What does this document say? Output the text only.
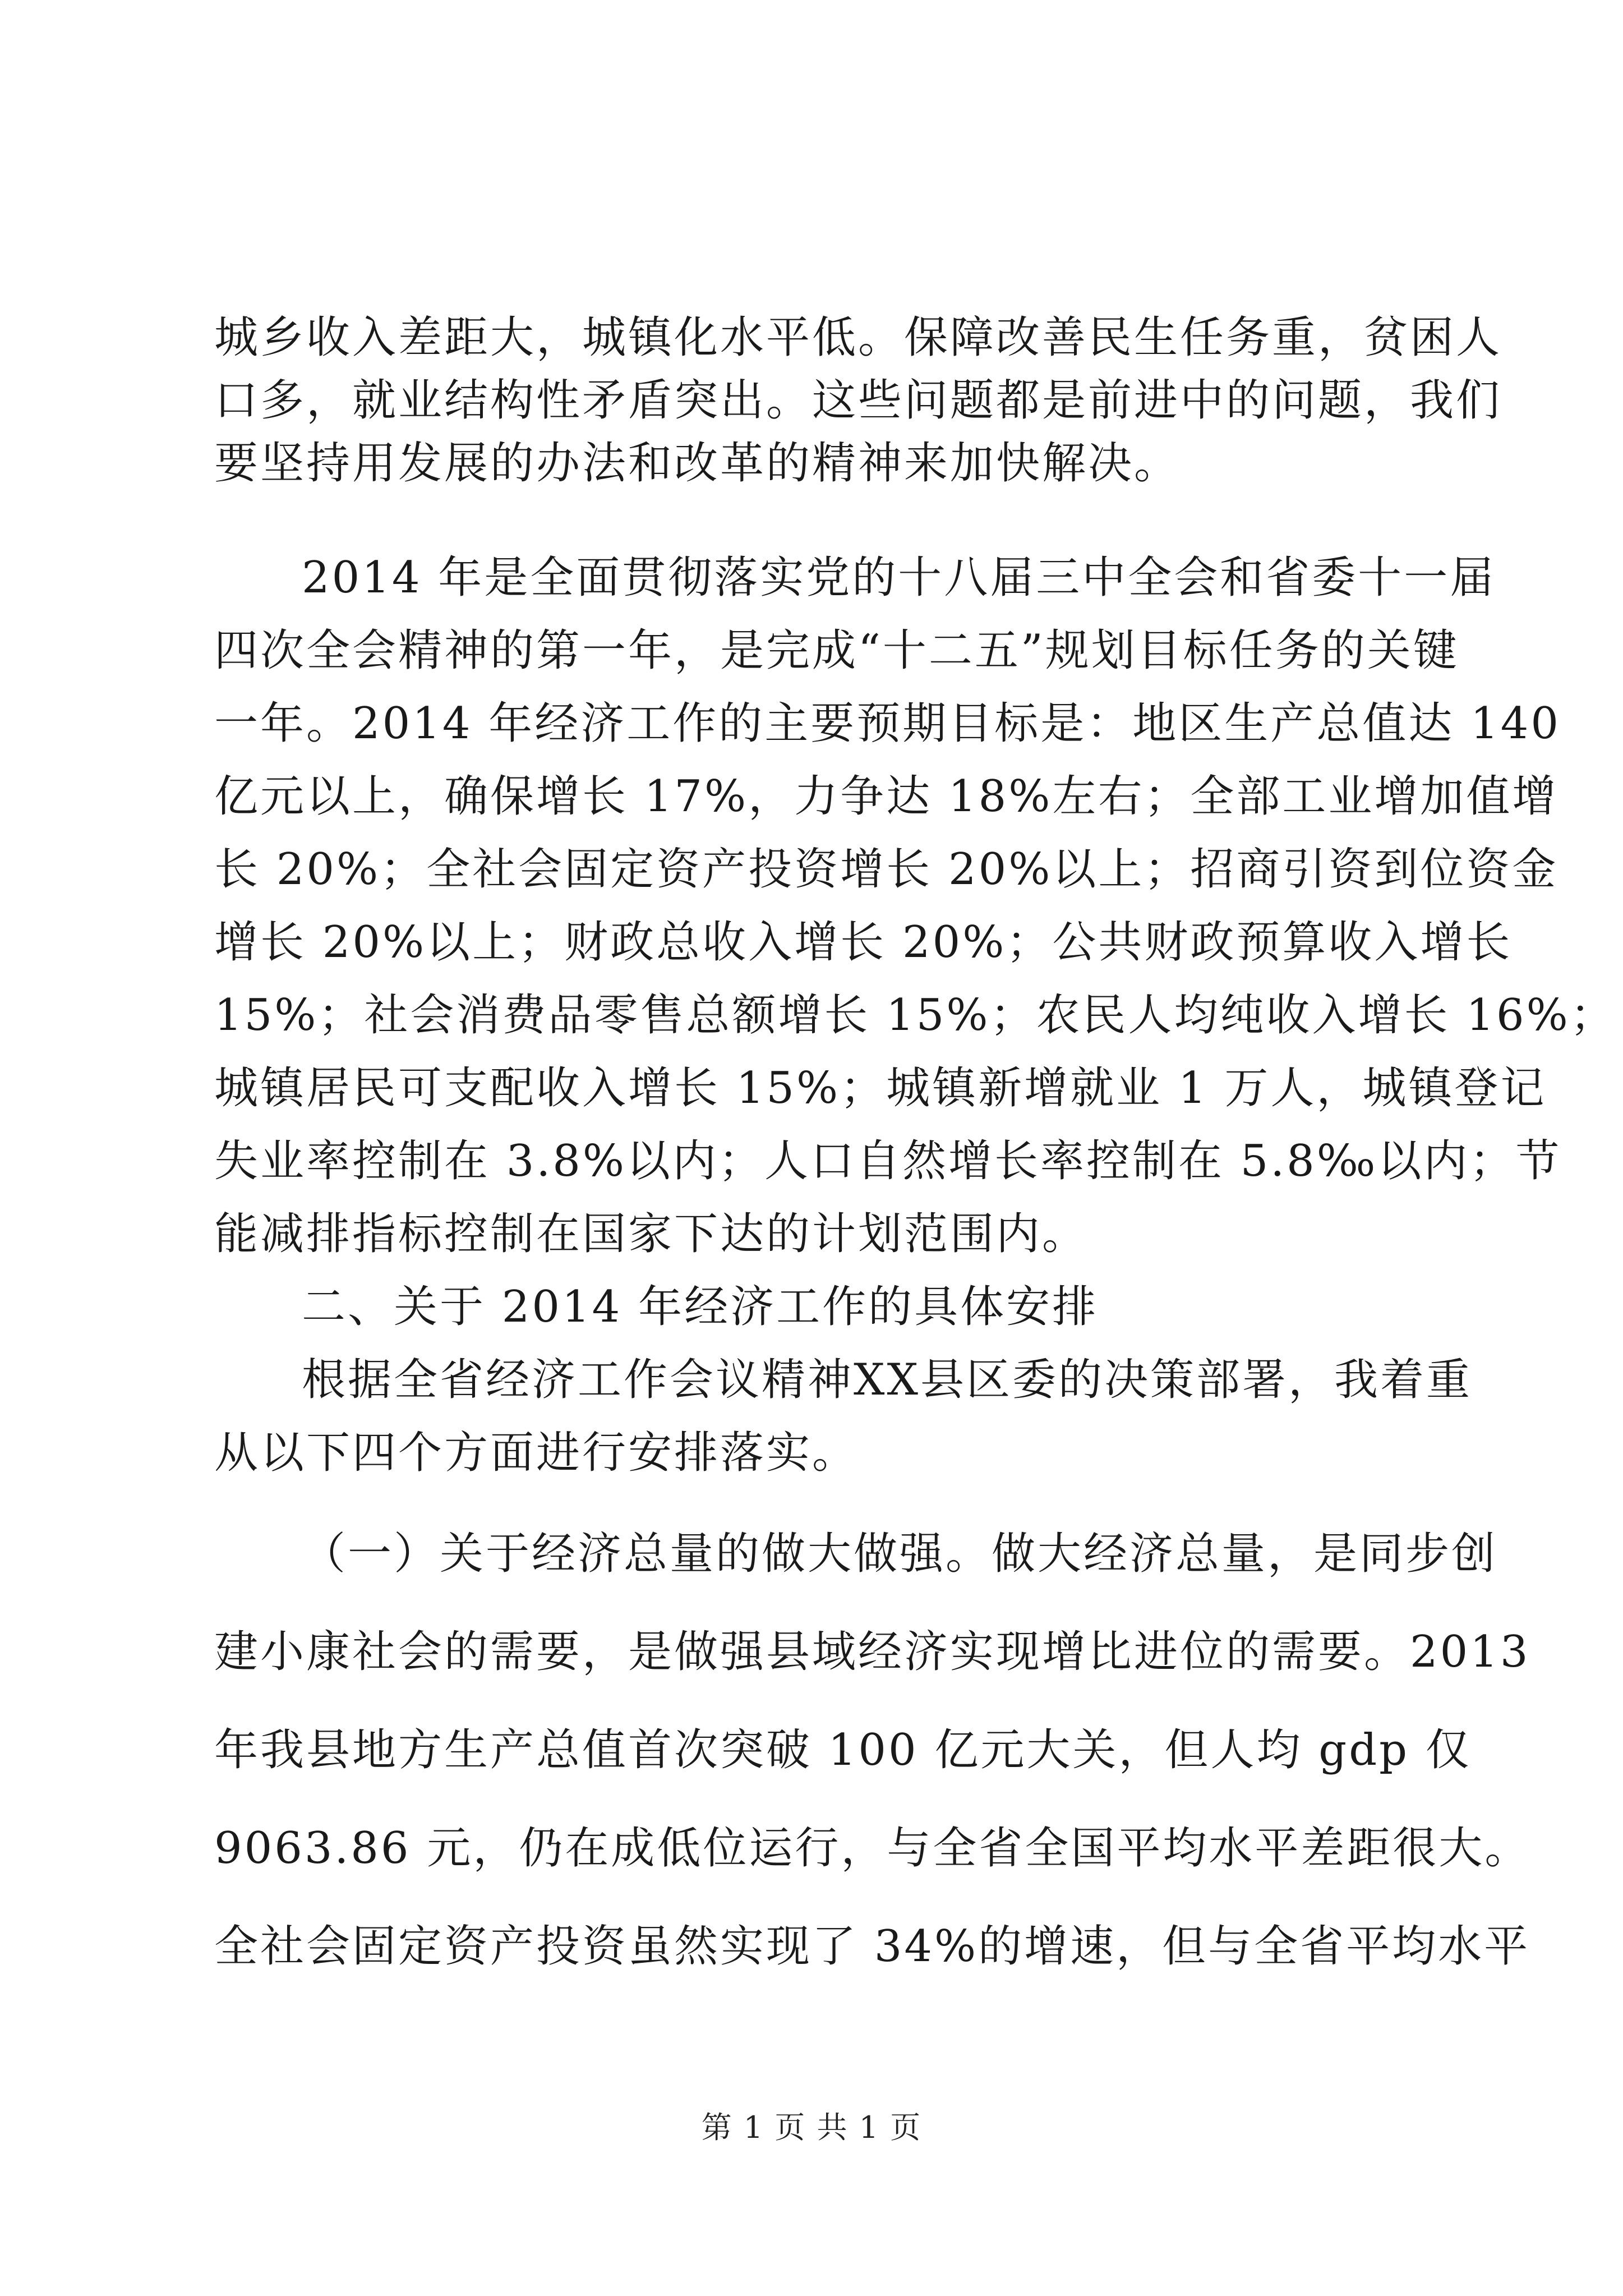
城乡收入差距大，城镇化水平低。保障改善民生任务重，贫困人
口多，就业结构性矛盾突出。这些问题都是前进中的问题，我们
要坚持用发展的办法和改革的精神来加快解决。
2014 年是全面贯彻落实党的十八届三中全会和省委十一届
四次全会精神的第一年，是完成“十二五”规划目标任务的关键
一年。2014 年经济工作的主要预期目标是：地区生产总值达 140
亿元以上，确保增长 17%，力争达 18%左右；全部工业增加值增
长 20%；全社会固定资产投资增长 20%以上；招商引资到位资金
增长 20%以上；财政总收入增长 20%；公共财政预算收入增长
15%；社会消费品零售总额增长 15%；农民人均纯收入增长 16%；
城镇居民可支配收入增长 15%；城镇新增就业 1 万人，城镇登记
失业率控制在 3.8%以内；人口自然增长率控制在 5.8‰以内；节
能减排指标控制在国家下达的计划范围内。
二、关于 2014 年经济工作的具体安排
根据全省经济工作会议精神XX县区委的决策部署，我着重
从以下四个方面进行安排落实。
（一）关于经济总量的做大做强。做大经济总量，是同步创
建小康社会的需要，是做强县域经济实现增比进位的需要。2013
年我县地方生产总值首次突破 100 亿元大关，但人均 gdp 仅
9063.86 元，仍在成低位运行，与全省全国平均水平差距很大。
全社会固定资产投资虽然实现了 34%的增速，但与全省平均水平
第 1 页 共 1 页
